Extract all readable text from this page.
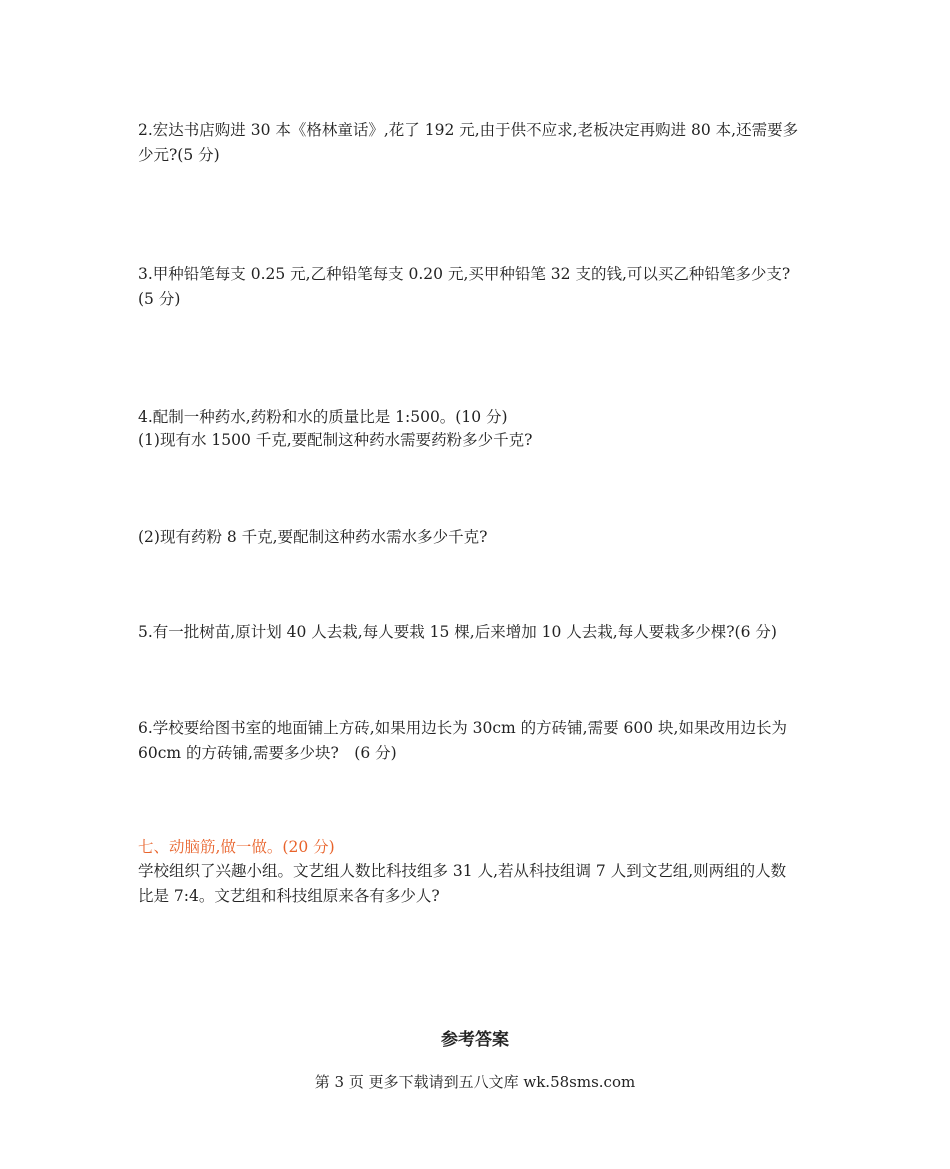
2.宏达书店购进 30 本《格林童话》,花了 192 元,由于供不应求,老板决定再购进 80 本,还需要多
少元?(5 分)
3.甲种铅笔每支 0.25 元,乙种铅笔每支 0.20 元,买甲种铅笔 32 支的钱,可以买乙种铅笔多少支?
(5 分)
4.配制一种药水,药粉和水的质量比是 1:500。(10 分)
(1)现有水 1500 千克,要配制这种药水需要药粉多少千克?
(2)现有药粉 8 千克,要配制这种药水需水多少千克?
5.有一批树苗,原计划 40 人去栽,每人要栽 15 棵,后来增加 10 人去栽,每人要栽多少棵?(6 分)
6.学校要给图书室的地面铺上方砖,如果用边长为 30cm 的方砖铺,需要 600 块,如果改用边长为
60cm 的方砖铺,需要多少块?　(6 分)
七、动脑筋,做一做。(20 分)
学校组织了兴趣小组。文艺组人数比科技组多 31 人,若从科技组调 7 人到文艺组,则两组的人数
比是 7:4。文艺组和科技组原来各有多少人?
参考答案
第 3 页 更多下载请到五八文库 wk.58sms.com
